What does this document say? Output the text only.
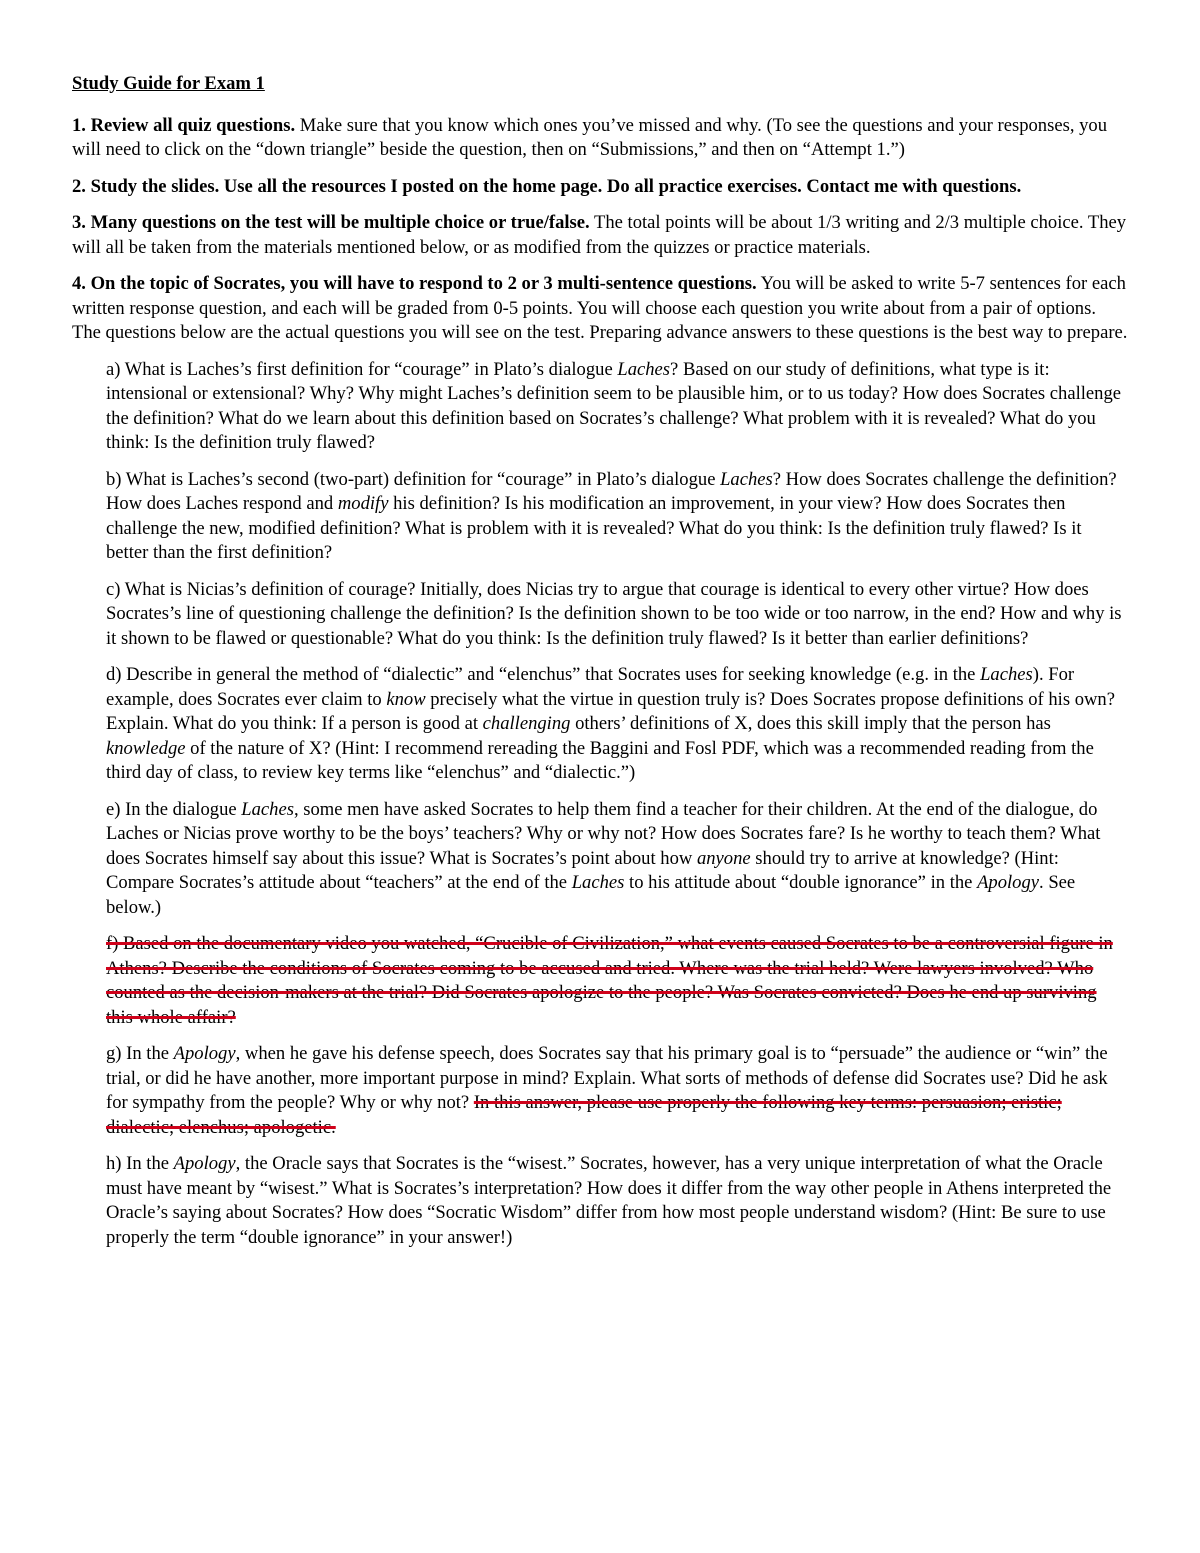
Study Guide for Exam 1

1. Review all quiz questions. Make sure that you know which ones you’ve missed and why. (To see the questions and your responses, you will need to click on the “down triangle” beside the question, then on “Submissions,” and then on “Attempt 1.”)

2. Study the slides. Use all the resources I posted on the home page. Do all practice exercises. Contact me with questions.

3. Many questions on the test will be multiple choice or true/false. The total points will be about 1/3 writing and 2/3 multiple choice. They will all be taken from the materials mentioned below, or as modified from the quizzes or practice materials.

4. On the topic of Socrates, you will have to respond to 2 or 3 multi-sentence questions. You will be asked to write 5-7 sentences for each written response question, and each will be graded from 0-5 points. You will choose each question you write about from a pair of options. The questions below are the actual questions you will see on the test. Preparing advance answers to these questions is the best way to prepare.

a) What is Laches’s first definition for “courage” in Plato’s dialogue Laches? Based on our study of definitions, what type is it: intensional or extensional? Why? Why might Laches’s definition seem to be plausible him, or to us today? How does Socrates challenge the definition? What do we learn about this definition based on Socrates’s challenge? What problem with it is revealed? What do you think: Is the definition truly flawed?

b) What is Laches’s second (two-part) definition for “courage” in Plato’s dialogue Laches? How does Socrates challenge the definition? How does Laches respond and modify his definition? Is his modification an improvement, in your view? How does Socrates then challenge the new, modified definition? What is problem with it is revealed? What do you think: Is the definition truly flawed? Is it better than the first definition?

c) What is Nicias’s definition of courage? Initially, does Nicias try to argue that courage is identical to every other virtue? How does Socrates’s line of questioning challenge the definition? Is the definition shown to be too wide or too narrow, in the end? How and why is it shown to be flawed or questionable? What do you think: Is the definition truly flawed? Is it better than earlier definitions?

d) Describe in general the method of “dialectic” and “elenchus” that Socrates uses for seeking knowledge (e.g. in the Laches). For example, does Socrates ever claim to know precisely what the virtue in question truly is? Does Socrates propose definitions of his own? Explain. What do you think: If a person is good at challenging others’ definitions of X, does this skill imply that the person has knowledge of the nature of X? (Hint: I recommend rereading the Baggini and Fosl PDF, which was a recommended reading from the third day of class, to review key terms like “elenchus” and “dialectic.”)

e) In the dialogue Laches, some men have asked Socrates to help them find a teacher for their children. At the end of the dialogue, do Laches or Nicias prove worthy to be the boys’ teachers? Why or why not? How does Socrates fare? Is he worthy to teach them? What does Socrates himself say about this issue? What is Socrates’s point about how anyone should try to arrive at knowledge? (Hint: Compare Socrates’s attitude about “teachers” at the end of the Laches to his attitude about “double ignorance” in the Apology. See below.)

f) Based on the documentary video you watched, “Crucible of Civilization,” what events caused Socrates to be a controversial figure in Athens? Describe the conditions of Socrates coming to be accused and tried. Where was the trial held? Were lawyers involved? Who counted as the decision-makers at the trial? Did Socrates apologize to the people? Was Socrates convicted? Does he end up surviving this whole affair?

g) In the Apology, when he gave his defense speech, does Socrates say that his primary goal is to “persuade” the audience or “win” the trial, or did he have another, more important purpose in mind? Explain. What sorts of methods of defense did Socrates use? Did he ask for sympathy from the people? Why or why not? In this answer, please use properly the following key terms: persuasion; eristic; dialectic; elenchus; apologetic.

h) In the Apology, the Oracle says that Socrates is the “wisest.” Socrates, however, has a very unique interpretation of what the Oracle must have meant by “wisest.” What is Socrates’s interpretation? How does it differ from the way other people in Athens interpreted the Oracle’s saying about Socrates? How does “Socratic Wisdom” differ from how most people understand wisdom? (Hint: Be sure to use properly the term “double ignorance” in your answer!)
